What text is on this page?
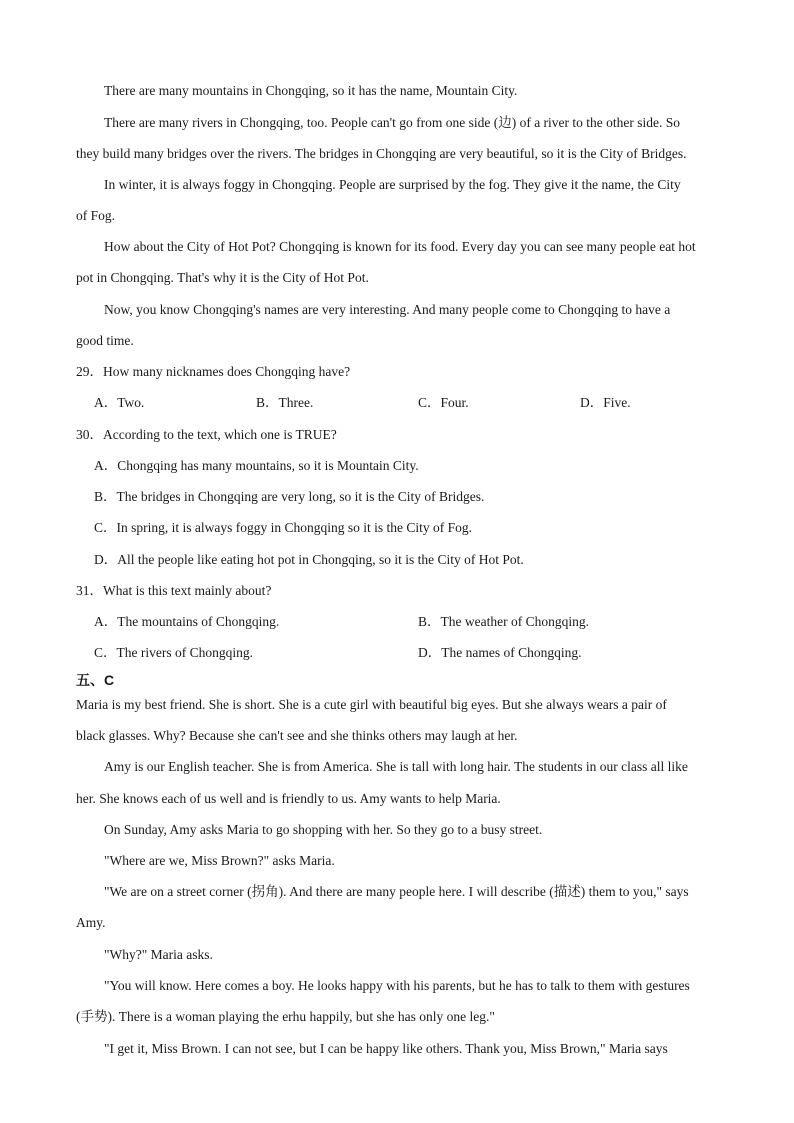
There are many mountains in Chongqing, so it has the name, Mountain City.
There are many rivers in Chongqing, too. People can't go from one side (边) of a river to the other side. So
they build many bridges over the rivers. The bridges in Chongqing are very beautiful, so it is the City of Bridges.
In winter, it is always foggy in Chongqing. People are surprised by the fog. They give it the name, the City
of Fog.
How about the City of Hot Pot? Chongqing is known for its food. Every day you can see many people eat hot
pot in Chongqing. That's why it is the City of Hot Pot.
Now, you know Chongqing's names are very interesting. And many people come to Chongqing to have a
good time.
29．How many nicknames does Chongqing have?
A．Two.	B．Three.	C．Four.	D．Five.
30．According to the text, which one is TRUE?
A．Chongqing has many mountains, so it is Mountain City.
B．The bridges in Chongqing are very long, so it is the City of Bridges.
C．In spring, it is always foggy in Chongqing so it is the City of Fog.
D．All the people like eating hot pot in Chongqing, so it is the City of Hot Pot.
31．What is this text mainly about?
A．The mountains of Chongqing.	B．The weather of Chongqing.
C．The rivers of Chongqing.	D．The names of Chongqing.
五、C
Maria is my best friend. She is short. She is a cute girl with beautiful big eyes. But she always wears a pair of
black glasses. Why? Because she can't see and she thinks others may laugh at her.
Amy is our English teacher. She is from America. She is tall with long hair. The students in our class all like
her. She knows each of us well and is friendly to us. Amy wants to help Maria.
On Sunday, Amy asks Maria to go shopping with her. So they go to a busy street.
"Where are we, Miss Brown?" asks Maria.
"We are on a street corner (拐角). And there are many people here. I will describe (描述) them to you," says
Amy.
"Why?" Maria asks.
"You will know. Here comes a boy. He looks happy with his parents, but he has to talk to them with gestures
(手势). There is a woman playing the erhu happily, but she has only one leg."
"I get it, Miss Brown. I can not see, but I can be happy like others. Thank you, Miss Brown," Maria says
